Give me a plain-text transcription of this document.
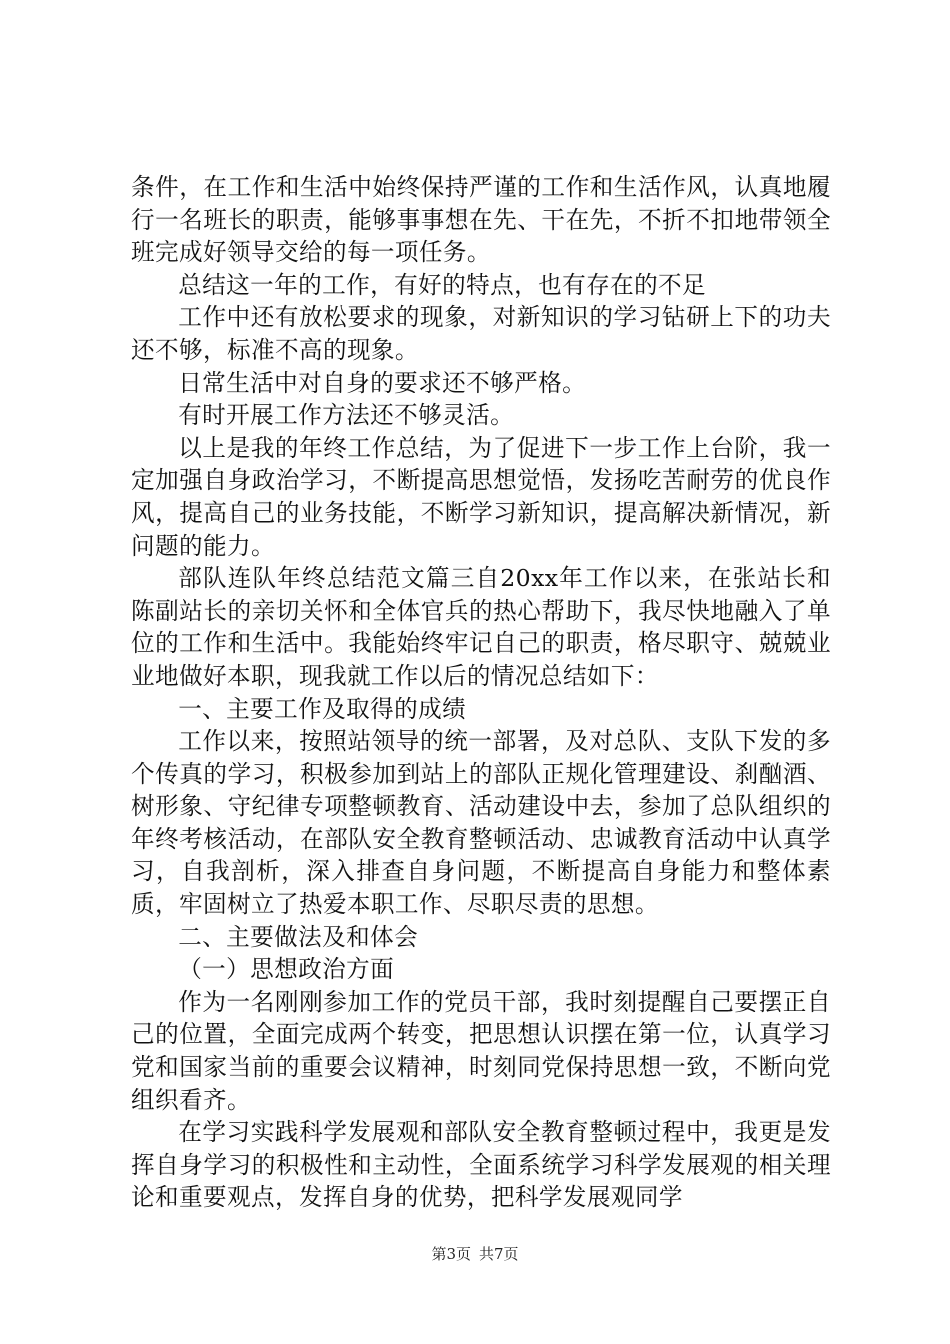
条件，在工作和生活中始终保持严谨的工作和生活作风，认真地履行一名班长的职责，能够事事想在先、干在先，不折不扣地带领全班完成好领导交给的每一项任务。

总结这一年的工作，有好的特点，也有存在的不足

工作中还有放松要求的现象，对新知识的学习钻研上下的功夫还不够，标准不高的现象。

日常生活中对自身的要求还不够严格。

有时开展工作方法还不够灵活。

以上是我的年终工作总结，为了促进下一步工作上台阶，我一定加强自身政治学习，不断提高思想觉悟，发扬吃苦耐劳的优良作风，提高自己的业务技能，不断学习新知识，提高解决新情况，新问题的能力。

部队连队年终总结范文篇三自20xx年工作以来，在张站长和陈副站长的亲切关怀和全体官兵的热心帮助下，我尽快地融入了单位的工作和生活中。我能始终牢记自己的职责，格尽职守、兢兢业业地做好本职，现我就工作以后的情况总结如下：

一、主要工作及取得的成绩

工作以来，按照站领导的统一部署，及对总队、支队下发的多个传真的学习，积极参加到站上的部队正规化管理建设、刹酗酒、树形象、守纪律专项整顿教育、活动建设中去，参加了总队组织的年终考核活动，在部队安全教育整顿活动、忠诚教育活动中认真学习，自我剖析，深入排查自身问题，不断提高自身能力和整体素质，牢固树立了热爱本职工作、尽职尽责的思想。

二、主要做法及和体会

（一）思想政治方面

作为一名刚刚参加工作的党员干部，我时刻提醒自己要摆正自己的位置，全面完成两个转变，把思想认识摆在第一位，认真学习党和国家当前的重要会议精神，时刻同党保持思想一致，不断向党组织看齐。

在学习实践科学发展观和部队安全教育整顿过程中，我更是发挥自身学习的积极性和主动性，全面系统学习科学发展观的相关理论和重要观点，发挥自身的优势，把科学发展观同学

第3页 共7页
